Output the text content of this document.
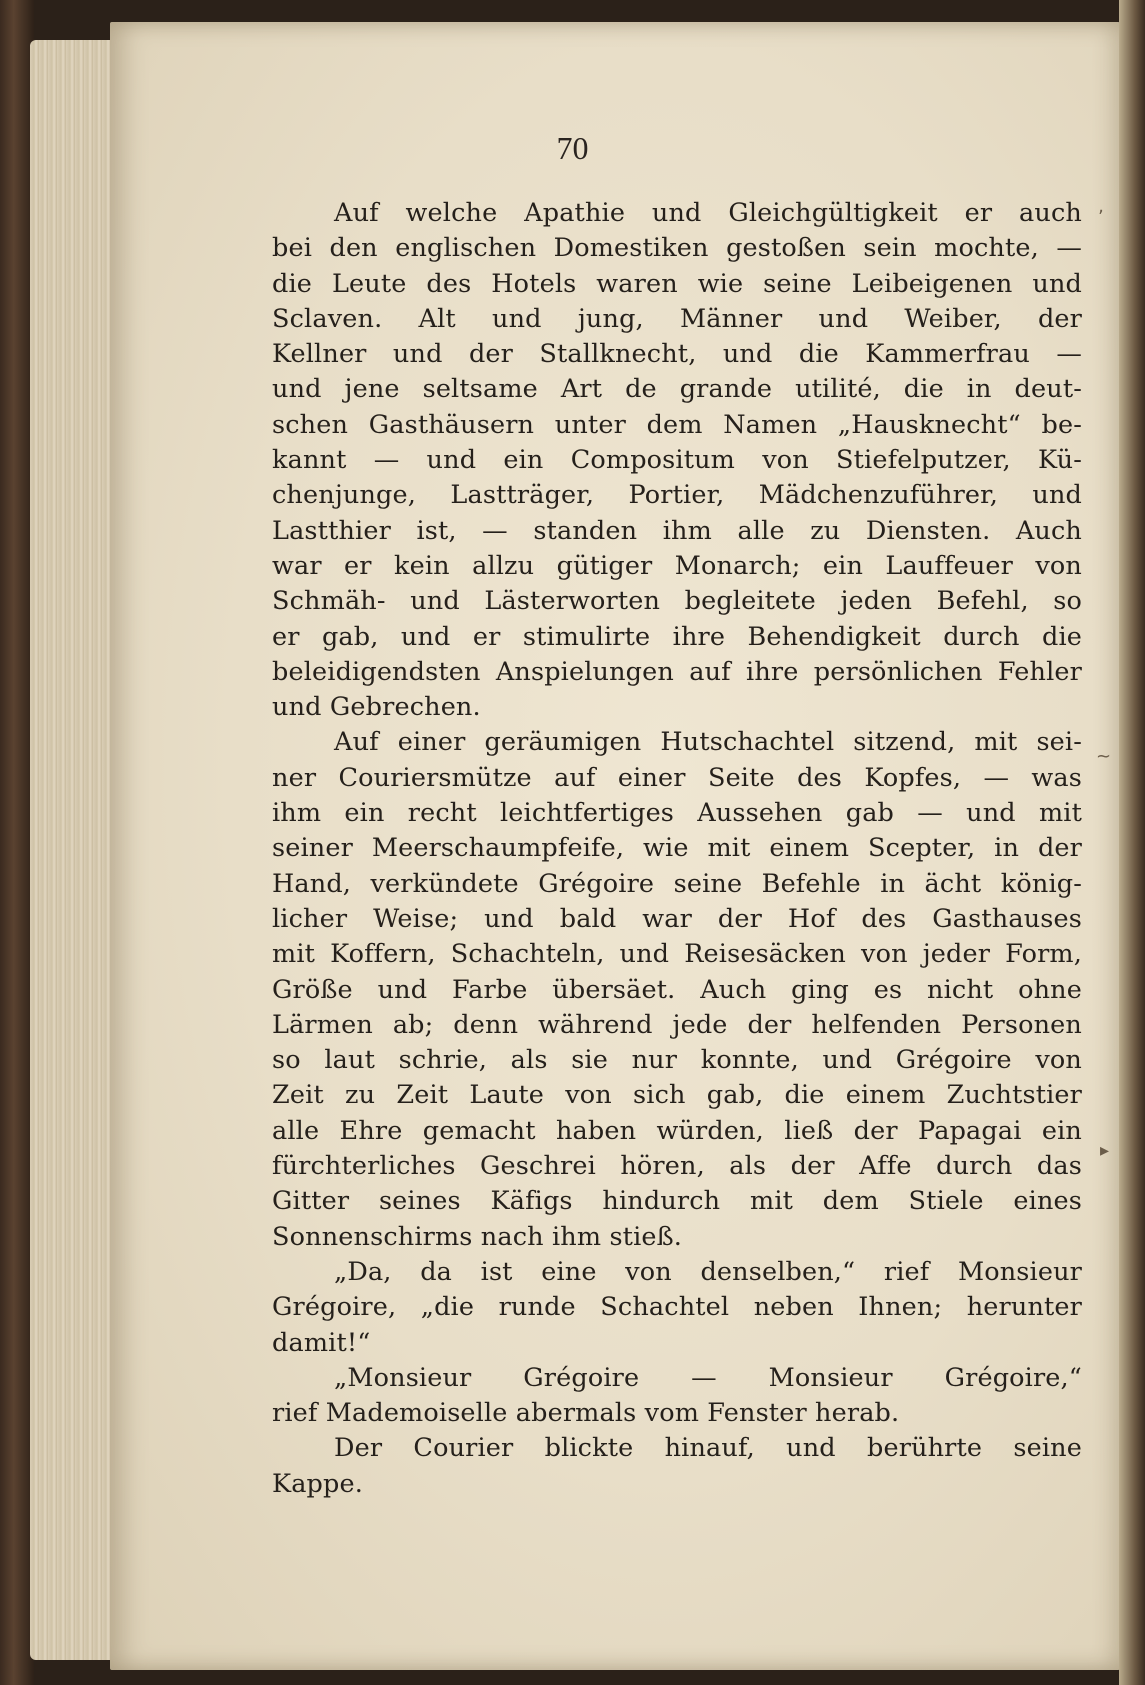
70
Auf welche Apathie und Gleichgültigkeit er auch
bei den englischen Domestiken gestoßen sein mochte, —
die Leute des Hotels waren wie seine Leibeigenen und
Sclaven. Alt und jung, Männer und Weiber, der
Kellner und der Stallknecht, und die Kammerfrau —
und jene seltsame Art de grande utilité, die in deut-
schen Gasthäusern unter dem Namen „Hausknecht“ be-
kannt — und ein Compositum von Stiefelputzer, Kü-
chenjunge, Lastträger, Portier, Mädchenzuführer, und
Lastthier ist, — standen ihm alle zu Diensten. Auch
war er kein allzu gütiger Monarch; ein Lauffeuer von
Schmäh- und Lästerworten begleitete jeden Befehl, so
er gab, und er stimulirte ihre Behendigkeit durch die
beleidigendsten Anspielungen auf ihre persönlichen Fehler
und Gebrechen.
Auf einer geräumigen Hutschachtel sitzend, mit sei-
ner Couriersmütze auf einer Seite des Kopfes, — was
ihm ein recht leichtfertiges Aussehen gab — und mit
seiner Meerschaumpfeife, wie mit einem Scepter, in der
Hand, verkündete Grégoire seine Befehle in ächt könig-
licher Weise; und bald war der Hof des Gasthauses
mit Koffern, Schachteln, und Reisesäcken von jeder Form,
Größe und Farbe übersäet. Auch ging es nicht ohne
Lärmen ab; denn während jede der helfenden Personen
so laut schrie, als sie nur konnte, und Grégoire von
Zeit zu Zeit Laute von sich gab, die einem Zuchtstier
alle Ehre gemacht haben würden, ließ der Papagai ein
fürchterliches Geschrei hören, als der Affe durch das
Gitter seines Käfigs hindurch mit dem Stiele eines
Sonnenschirms nach ihm stieß.
„Da, da ist eine von denselben,“ rief Monsieur
Grégoire, „die runde Schachtel neben Ihnen; herunter
damit!“
„Monsieur Grégoire — Monsieur Grégoire,“
rief Mademoiselle abermals vom Fenster herab.
Der Courier blickte hinauf, und berührte seine
Kappe.
‚
~
▸
